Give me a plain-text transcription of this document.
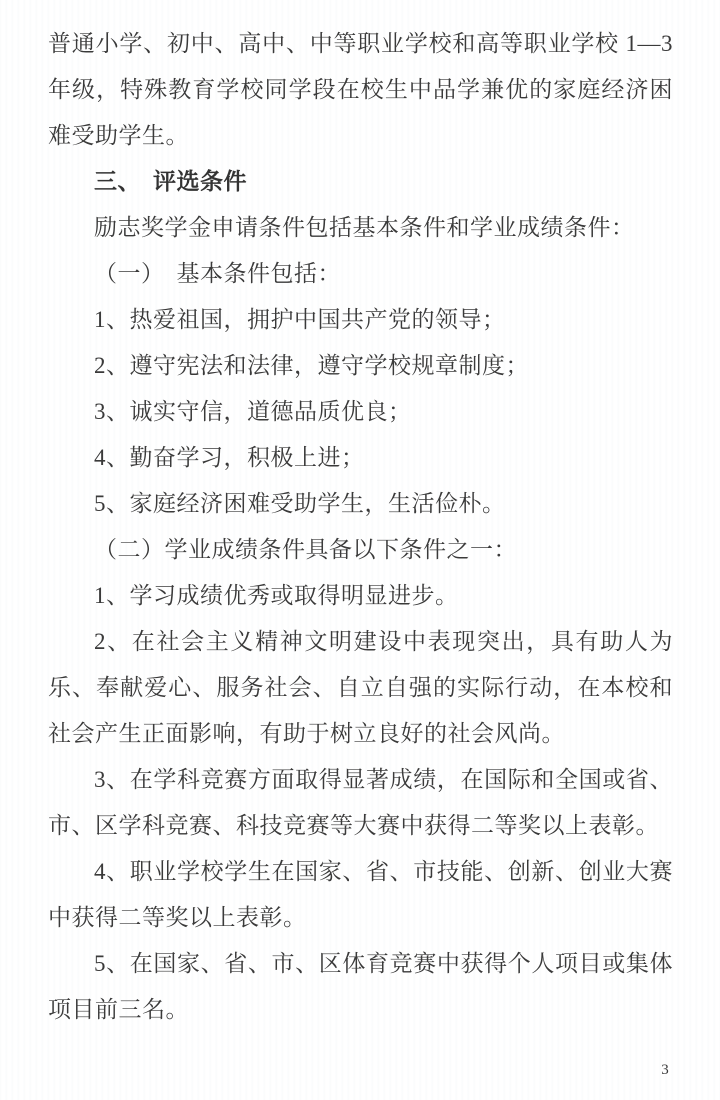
普通小学、初中、高中、中等职业学校和高等职业学校 1—3 年级，特殊教育学校同学段在校生中品学兼优的家庭经济困难受助学生。

三、　评选条件

励志奖学金申请条件包括基本条件和学业成绩条件：

（一）　基本条件包括：

1、热爱祖国，拥护中国共产党的领导；

2、遵守宪法和法律，遵守学校规章制度；

3、诚实守信，道德品质优良；

4、勤奋学习，积极上进；

5、家庭经济困难受助学生，生活俭朴。

（二）学业成绩条件具备以下条件之一：

1、学习成绩优秀或取得明显进步。

2、在社会主义精神文明建设中表现突出，具有助人为乐、奉献爱心、服务社会、自立自强的实际行动，在本校和社会产生正面影响，有助于树立良好的社会风尚。

3、在学科竞赛方面取得显著成绩，在国际和全国或省、市、区学科竞赛、科技竞赛等大赛中获得二等奖以上表彰。

4、职业学校学生在国家、省、市技能、创新、创业大赛中获得二等奖以上表彰。

5、在国家、省、市、区体育竞赛中获得个人项目或集体项目前三名。

3
